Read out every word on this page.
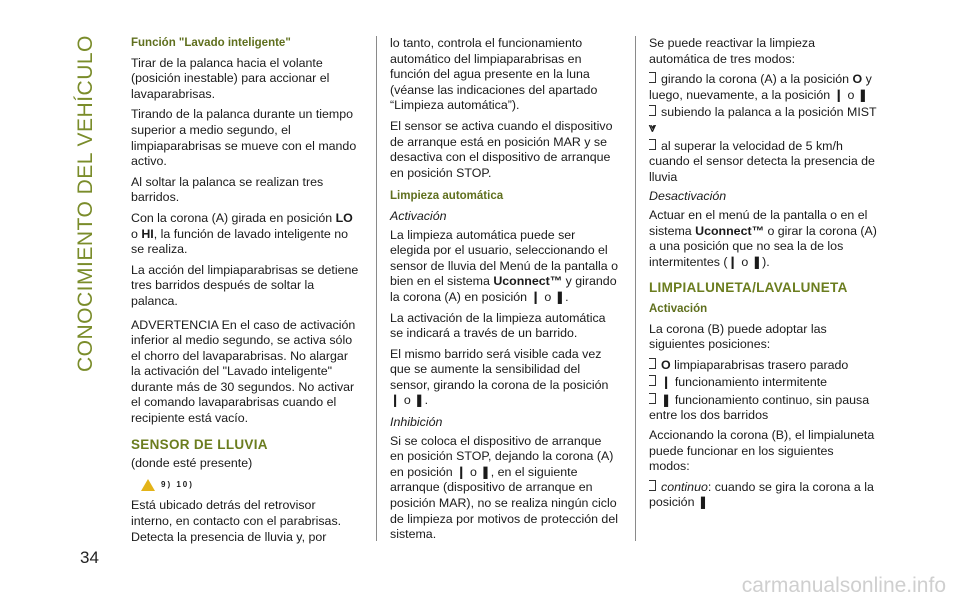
CONOCIMIENTO DEL VEHÍCULO
34
Función "Lavado inteligente"

Tirar de la palanca hacia el volante (posición inestable) para accionar el lavaparabrisas.

Tirando de la palanca durante un tiempo superior a medio segundo, el limpiaparabrisas se mueve con el mando activo.

Al soltar la palanca se realizan tres barridos.

Con la corona (A) girada en posición LO o HI, la función de lavado inteligente no se realiza.

La acción del limpiaparabrisas se detiene tres barridos después de soltar la palanca.

ADVERTENCIA En el caso de activación inferior al medio segundo, se activa sólo el chorro del lavaparabrisas. No alargar la activación del "Lavado inteligente" durante más de 30 segundos. No activar el comando lavaparabrisas cuando el recipiente está vacío.

SENSOR DE LLUVIA

(donde esté presente)

9) 10)

Está ubicado detrás del retrovisor interno, en contacto con el parabrisas. Detecta la presencia de lluvia y, por

lo tanto, controla el funcionamiento automático del limpiaparabrisas en función del agua presente en la luna (véanse las indicaciones del apartado “Limpieza automática”).

El sensor se activa cuando el dispositivo de arranque está en posición MAR y se desactiva con el dispositivo de arranque en posición STOP.

Limpieza automática
Activación

La limpieza automática puede ser elegida por el usuario, seleccionando el sensor de lluvia del Menú de la pantalla o bien en el sistema Uconnect™ y girando la corona (A) en posición ❙ o ❚.

La activación de la limpieza automática se indicará a través de un barrido.

El mismo barrido será visible cada vez que se aumente la sensibilidad del sensor, girando la corona de la posición ❙ o ❚.

Inhibición

Si se coloca el dispositivo de arranque en posición STOP, dejando la corona (A) en posición ❙ o ❚, en el siguiente arranque (dispositivo de arranque en posición MAR), no se realiza ningún ciclo de limpieza por motivos de protección del sistema.

Se puede reactivar la limpieza automática de tres modos:

girando la corona (A) a la posición O y luego, nuevamente, a la posición ❙ o ❚
subiendo la palanca a la posición MIST ⩔
al superar la velocidad de 5 km/h cuando el sensor detecta la presencia de lluvia
Desactivación

Actuar en el menú de la pantalla o en el sistema Uconnect™ o girar la corona (A) a una posición que no sea la de los intermitentes (❙ o ❚).

LIMPIALUNETA/LAVALUNETA
Activación

La corona (B) puede adoptar las siguientes posiciones:

O limpiaparabrisas trasero parado
❙ funcionamiento intermitente
❚ funcionamiento continuo, sin pausa entre los dos barridos

Accionando la corona (B), el limpialuneta puede funcionar en los siguientes modos:

continuo: cuando se gira la corona a la posición ❚
carmanualsonline.info
